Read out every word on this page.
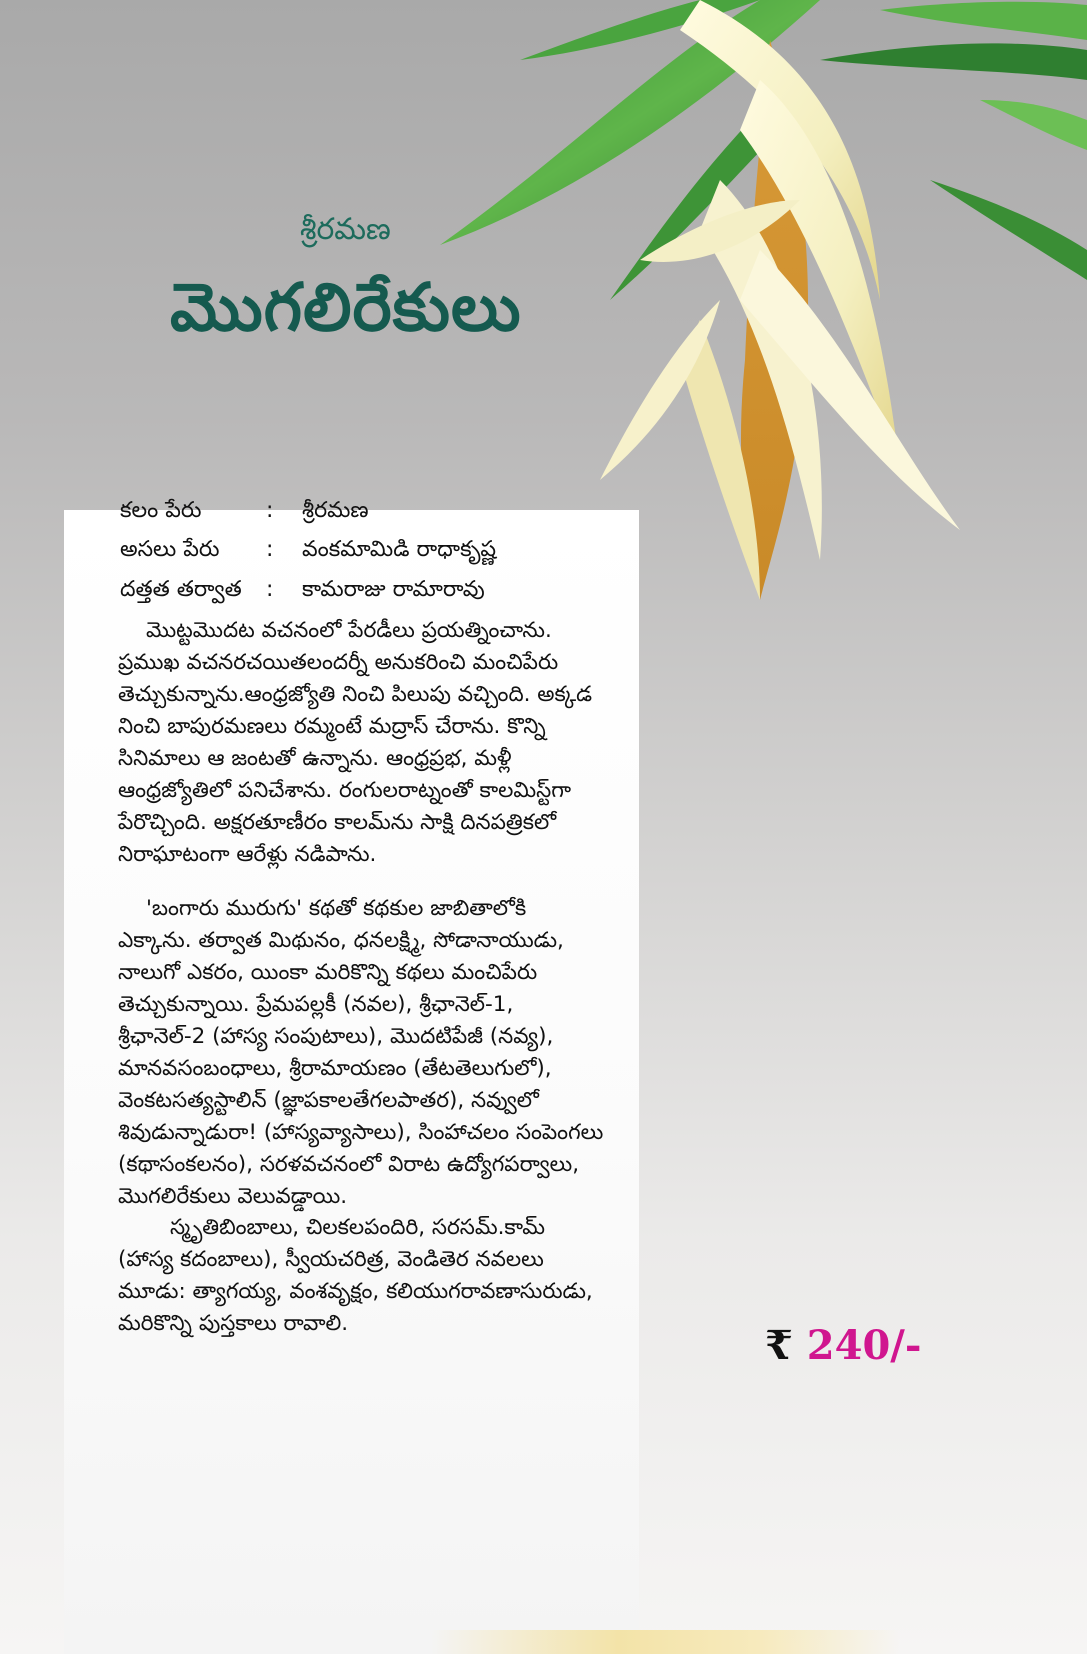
శ్రీరమణ
మొగలిరేకులు
కలం పేరు	: శ్రీరమణ
అసలు పేరు : వంకమామిడి రాధాకృష్ణ
దత్తత తర్వాత : కామరాజు రామారావు
మొట్టమొదట వచనంలో పేరడీలు ప్రయత్నించాను.
ప్రముఖ వచనరచయితలందర్నీ అనుకరించి మంచిపేరు
తెచ్చుకున్నాను.ఆంధ్రజ్యోతి నించి పిలుపు వచ్చింది. అక్కడ
నించి బాపురమణలు రమ్మంటే మద్రాస్ చేరాను. కొన్ని
సినిమాలు ఆ జంటతో ఉన్నాను. ఆంధ్రప్రభ, మళ్లీ
ఆంధ్రజ్యోతిలో పనిచేశాను. రంగులరాట్నంతో కాలమిస్ట్‌గా
పేరొచ్చింది. అక్షరతూణీరం కాలమ్‌ను సాక్షి దినపత్రికలో
నిరాఘాటంగా ఆరేళ్లు నడిపాను.
'బంగారు మురుగు' కథతో కథకుల జాబితాలోకి
ఎక్కాను. తర్వాత మిథునం, ధనలక్ష్మి, సోడానాయుడు,
నాలుగో ఎకరం, యింకా మరికొన్ని కథలు మంచిపేరు
తెచ్చుకున్నాయి. ప్రేమపల్లకీ (నవల), శ్రీఛానెల్-1,
శ్రీఛానెల్-2 (హాస్య సంపుటాలు), మొదటిపేజీ (నవ్య),
మానవసంబంధాలు, శ్రీరామాయణం (తేటతెలుగులో),
వెంకటసత్యస్టాలిన్ (జ్ఞాపకాలతేగలపాతర), నవ్వులో
శివుడున్నాడురా! (హాస్యవ్యాసాలు), సింహాచలం సంపెంగలు
(కథాసంకలనం), సరళవచనంలో విరాట ఉద్యోగపర్వాలు,
మొగలిరేకులు వెలువడ్డాయి.
స్మృతిబింబాలు, చిలకలపందిరి, సరసమ్.కామ్
(హాస్య కదంబాలు), స్వీయచరిత్ర, వెండితెర నవలలు
మూడు: త్యాగయ్య, వంశవృక్షం, కలియుగరావణాసురుడు,
మరికొన్ని పుస్తకాలు రావాలి.	₹ 240/-
